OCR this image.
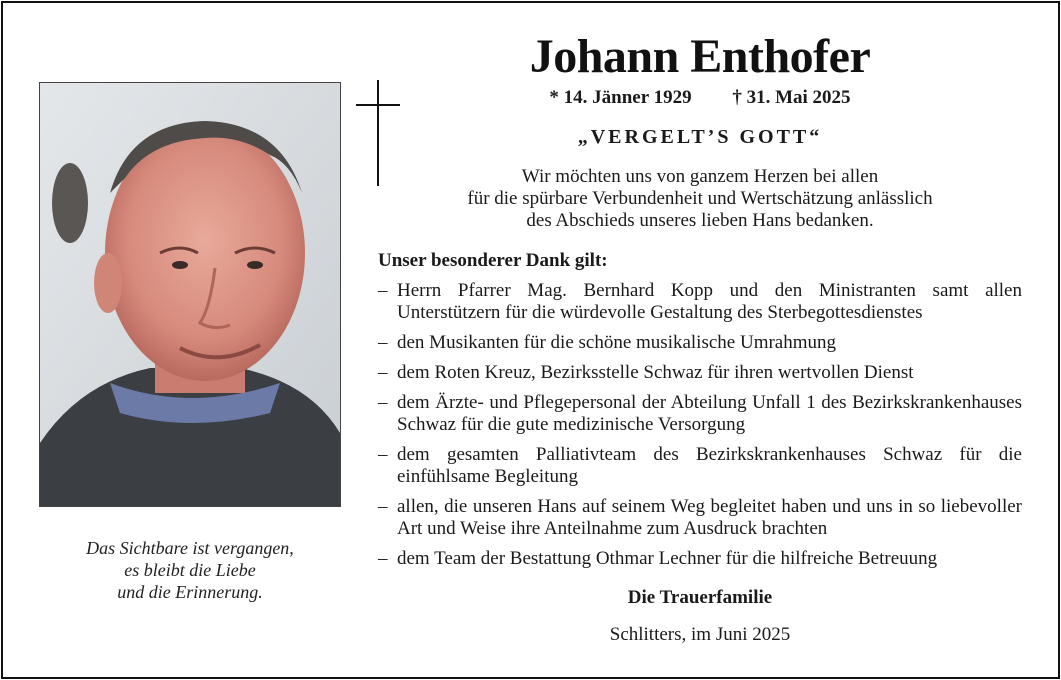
Das Sichtbare ist vergangen,
es bleibt die Liebe
und die Erinnerung.
Johann Enthofer
* 14. Jänner 1929 † 31. Mai 2025
„VERGELT’S GOTT“
Wir möchten uns von ganzem Herzen bei allen
für die spürbare Verbundenheit und Wertschätzung anlässlich
des Abschieds unseres lieben Hans bedanken.
Unser besonderer Dank gilt:
– Herrn Pfarrer Mag. Bernhard Kopp und den Ministranten samt allen Unterstützern für die würdevolle Gestaltung des Sterbegottesdienstes
– den Musikanten für die schöne musikalische Umrahmung
– dem Roten Kreuz, Bezirksstelle Schwaz für ihren wertvollen Dienst
– dem Ärzte- und Pflegepersonal der Abteilung Unfall 1 des Bezirkskrankenhauses Schwaz für die gute medizinische Versorgung
– dem gesamten Palliativteam des Bezirkskrankenhauses Schwaz für die einfühlsame Begleitung
– allen, die unseren Hans auf seinem Weg begleitet haben und uns in so liebevoller Art und Weise ihre Anteilnahme zum Ausdruck brachten
– dem Team der Bestattung Othmar Lechner für die hilfreiche Betreuung
Die Trauerfamilie
Schlitters, im Juni 2025
